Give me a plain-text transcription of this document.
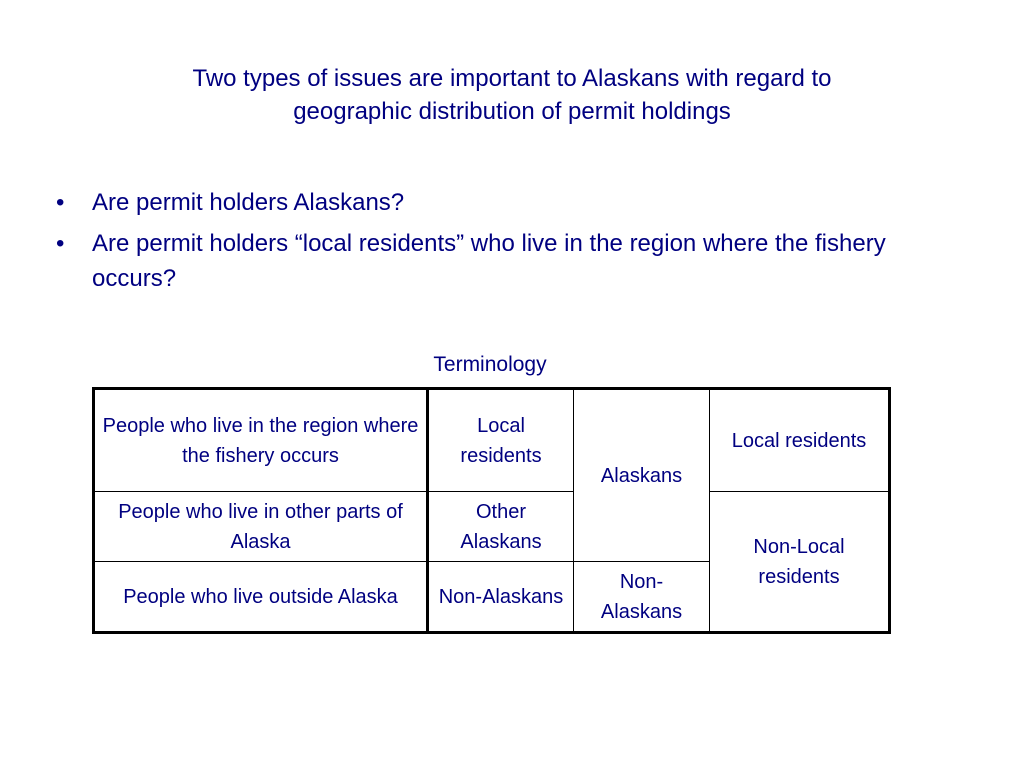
Two types of issues are important to Alaskans with regard to
geographic distribution of permit holdings
• Are permit holders Alaskans?
• Are permit holders “local residents” who live in the region where the fishery occurs?
Terminology
People who live in the region where the fishery occurs	Local residents	Alaskans	Local residents
People who live in other parts of Alaska	Other Alaskans		Non-Local residents
People who live outside Alaska	Non-Alaskans	Non-Alaskans	
